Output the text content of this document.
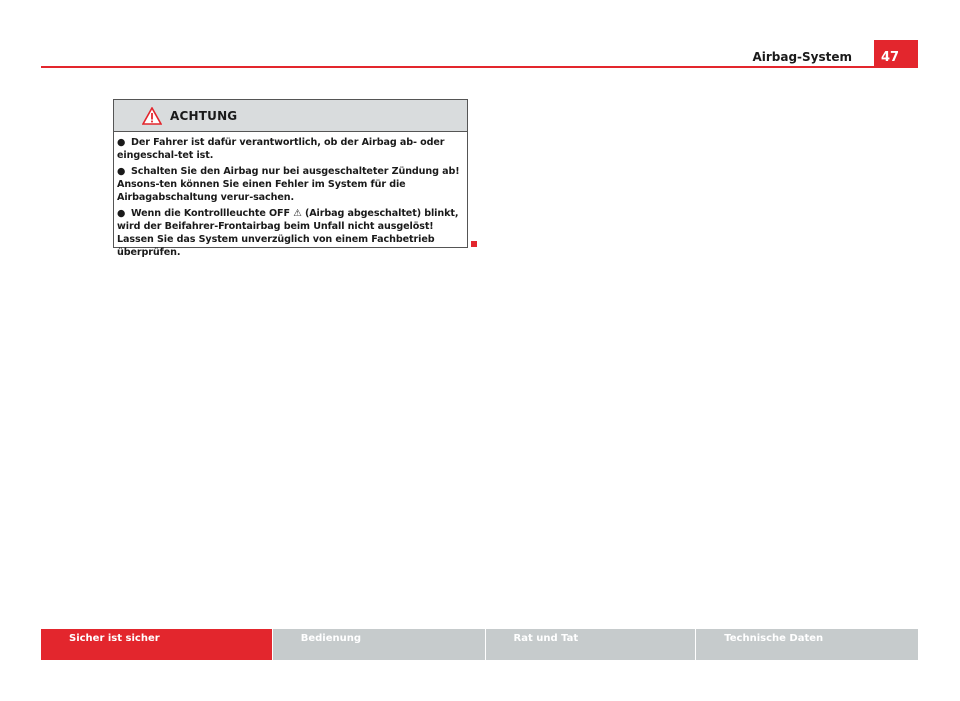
Airbag-System	47
ACHTUNG

● Der Fahrer ist dafür verantwortlich, ob der Airbag ab- oder eingeschal-tet ist.

● Schalten Sie den Airbag nur bei ausgeschalteter Zündung ab! Ansons-ten können Sie einen Fehler im System für die Airbagabschaltung verur-sachen.

● Wenn die Kontrollleuchte OFF ⚠ (Airbag abgeschaltet) blinkt, wird der Beifahrer-Frontairbag beim Unfall nicht ausgelöst! Lassen Sie das System unverzüglich von einem Fachbetrieb überprüfen.

Sicher ist sicher	Bedienung	Rat und Tat	Technische Daten
